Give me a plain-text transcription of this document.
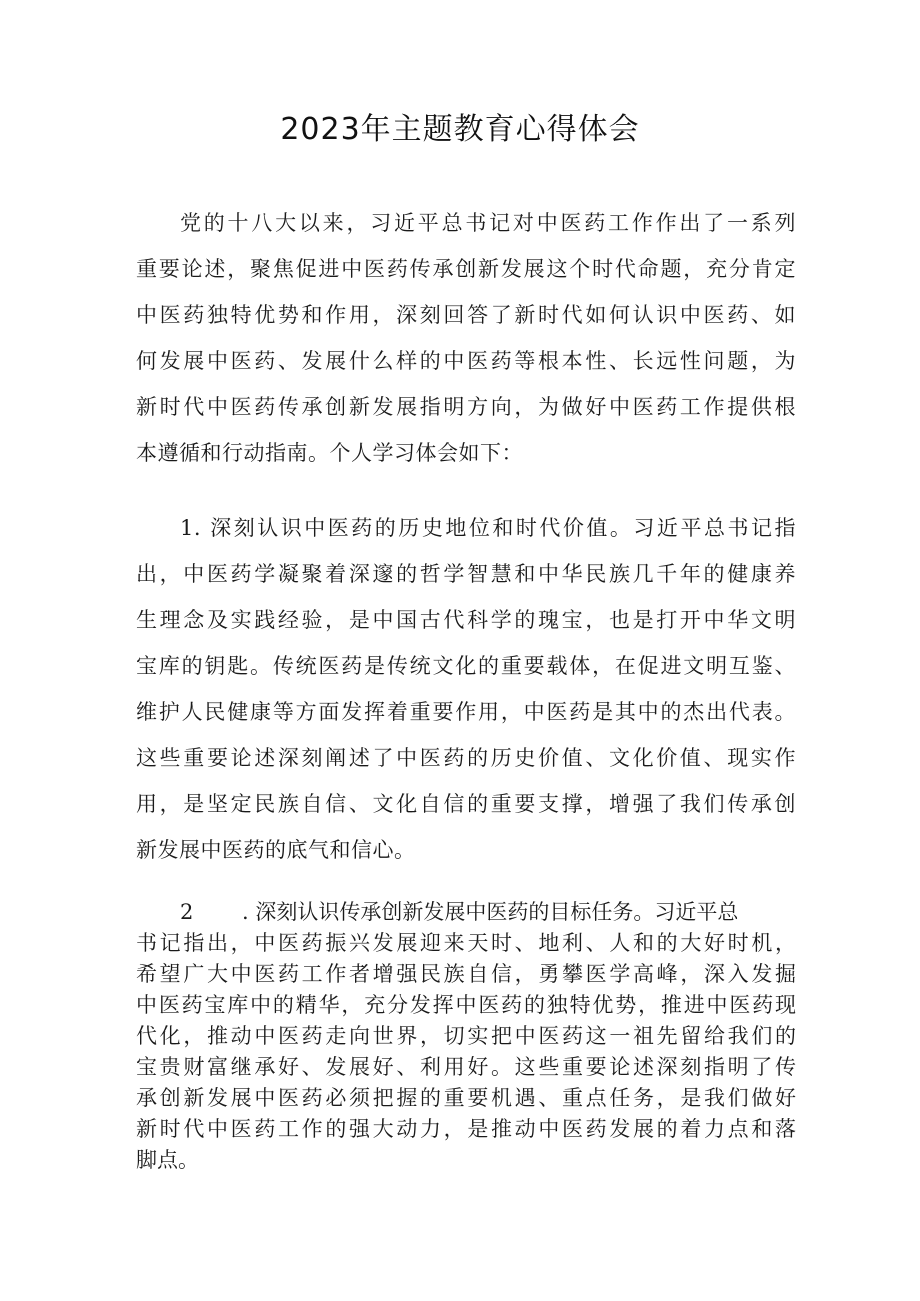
2023年主题教育心得体会
党的十八大以来，习近平总书记对中医药工作作出了一系列
重要论述，聚焦促进中医药传承创新发展这个时代命题，充分肯定
中医药独特优势和作用，深刻回答了新时代如何认识中医药、如
何发展中医药、发展什么样的中医药等根本性、长远性问题，为
新时代中医药传承创新发展指明方向，为做好中医药工作提供根
本遵循和行动指南。个人学习体会如下：
1. 深刻认识中医药的历史地位和时代价值。习近平总书记指
出，中医药学凝聚着深邃的哲学智慧和中华民族几千年的健康养
生理念及实践经验，是中国古代科学的瑰宝，也是打开中华文明
宝库的钥匙。传统医药是传统文化的重要载体，在促进文明互鉴、
维护人民健康等方面发挥着重要作用，中医药是其中的杰出代表。
这些重要论述深刻阐述了中医药的历史价值、文化价值、现实作
用，是坚定民族自信、文化自信的重要支撑，增强了我们传承创
新发展中医药的底气和信心。
2 . 深刻认识传承创新发展中医药的目标任务。习近平总
书记指出，中医药振兴发展迎来天时、地利、人和的大好时机，
希望广大中医药工作者增强民族自信，勇攀医学高峰，深入发掘
中医药宝库中的精华，充分发挥中医药的独特优势，推进中医药现
代化，推动中医药走向世界，切实把中医药这一祖先留给我们的
宝贵财富继承好、发展好、利用好。这些重要论述深刻指明了传
承创新发展中医药必须把握的重要机遇、重点任务，是我们做好
新时代中医药工作的强大动力，是推动中医药发展的着力点和落
脚点。
